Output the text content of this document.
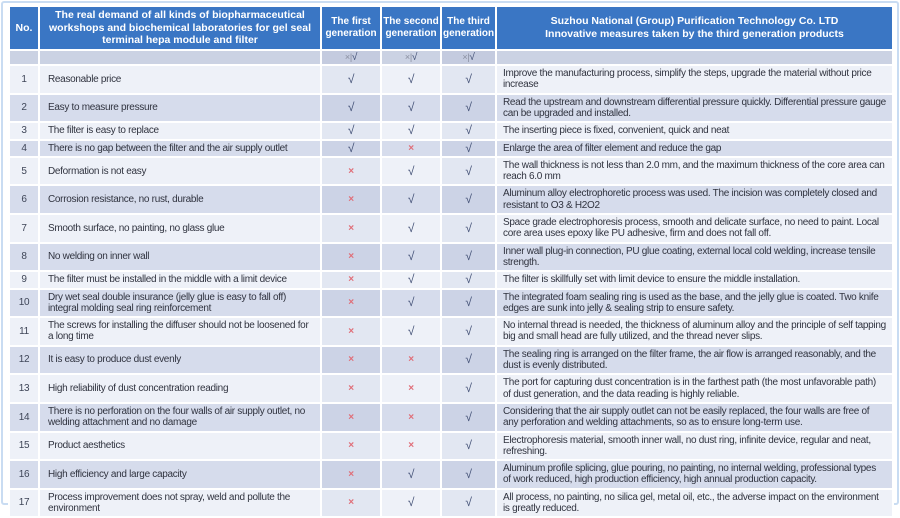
No.	The real demand of all kinds of biopharmaceutical workshops and biochemical laboratories for gel seal terminal hepa module and filter	The first generation	The second generation	The third generation	Suzhou National (Group) Purification Technology Co. LTD
Innovative measures taken by the third generation products

		×|√	×|√	×|√	
1	Reasonable price	√	√	√	Improve the manufacturing process, simplify the steps, upgrade the material without price increase
2	Easy to measure pressure	√	√	√	Read the upstream and downstream differential pressure quickly. Differential pressure gauge can be upgraded and installed.
3	The filter is easy to replace	√	√	√	The inserting piece is fixed, convenient, quick and neat
4	There is no gap between the filter and the air supply outlet	√	×	√	Enlarge the area of filter element and reduce the gap
5	Deformation is not easy	×	√	√	The wall thickness is not less than 2.0 mm, and the maximum thickness of the core area can reach 6.0 mm
6	Corrosion resistance, no rust, durable	×	√	√	Aluminum alloy electrophoretic process was used. The incision was completely closed and resistant to O3 & H2O2
7	Smooth surface, no painting, no glass glue	×	√	√	Space grade electrophoresis process, smooth and delicate surface, no need to paint. Local core area uses epoxy like PU adhesive, firm and does not fall off.
8	No welding on inner wall	×	√	√	Inner wall plug-in connection, PU glue coating, external local cold welding, increase tensile strength.
9	The filter must be installed in the middle with a limit device	×	√	√	The filter is skillfully set with limit device to ensure the middle installation.
10	Dry wet seal double insurance (jelly glue is easy to fall off) integral molding seal ring reinforcement	×	√	√	The integrated foam sealing ring is used as the base, and the jelly glue is coated. Two knife edges are sunk into jelly & sealing strip to ensure safety.
11	The screws for installing the diffuser should not be loosened for a long time	×	√	√	No internal thread is needed, the thickness of aluminum alloy and the principle of self tapping big and small head are fully utilized, and the thread never slips.
12	It is easy to produce dust evenly	×	×	√	The sealing ring is arranged on the filter frame, the air flow is arranged reasonably, and the dust is evenly distributed.
13	High reliability of dust concentration reading	×	×	√	The port for capturing dust concentration is in the farthest path (the most unfavorable path) of dust generation, and the data reading is highly reliable.
14	There is no perforation on the four walls of air supply outlet, no welding attachment and no damage	×	×	√	Considering that the air supply outlet can not be easily replaced, the four walls are free of any perforation and welding attachments, so as to ensure long-term use.
15	Product aesthetics	×	×	√	Electrophoresis material, smooth inner wall, no dust ring, infinite device, regular and neat, refreshing.
16	High efficiency and large capacity	×	√	√	Aluminum profile splicing, glue pouring, no painting, no internal welding, professional types of work reduced, high production efficiency, high annual production capacity.
17	Process improvement does not spray, weld and pollute the environment	×	√	√	All process, no painting, no silica gel, metal oil, etc., the adverse impact on the environment is greatly reduced.
